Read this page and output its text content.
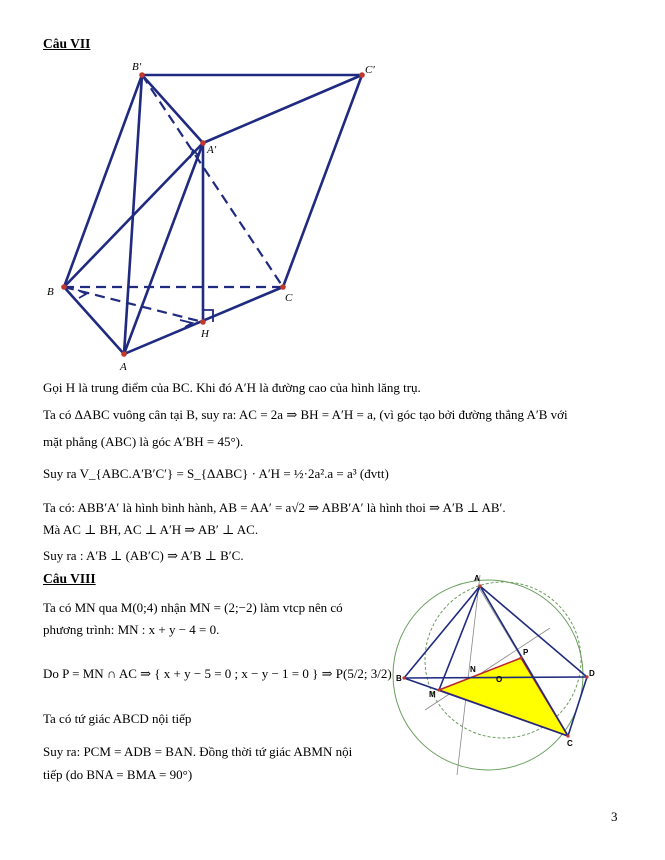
Câu VII
B′	C′
A′
B	C
H
A
Gọi H là trung điểm của BC. Khi đó A′H là đường cao của hình lăng trụ.
Ta có ΔABC vuông cân tại B, suy ra: AC = 2a ⇒ BH = A′H = a, (vì góc tạo bởi đường thẳng A′B với
mặt phẳng (ABC) là góc A′BH = 45°).
Suy ra V_{ABC.A′B′C′} = S_{ΔABC} · A′H = ½·2a².a = a³ (đvtt)
Ta có: ABB′A′ là hình bình hành, AB = AA′ = a√2 ⇒ ABB′A′ là hình thoi ⇒ A′B ⊥ AB′.
Mà AC ⊥ BH, AC ⊥ A′H ⇒ AB′ ⊥ AC.
Suy ra : A′B ⊥ (AB′C) ⇒ A′B ⊥ B′C.
Câu VIII
Ta có MN qua M(0;4) nhận MN = (2;−2) làm vtcp nên có
phương trình: MN : x + y − 4 = 0.
Do P = MN ∩ AC ⇒ { x + y − 5 = 0 ; x − y − 1 = 0 } ⇒ P(5/2; 3/2)
Ta có tứ giác ABCD nội tiếp
Suy ra: PCM = ADB = BAN. Đồng thời tứ giác ABMN nội
tiếp (do BNA = BMA = 90°)
A
B
N
P
O
D
M
C
3
